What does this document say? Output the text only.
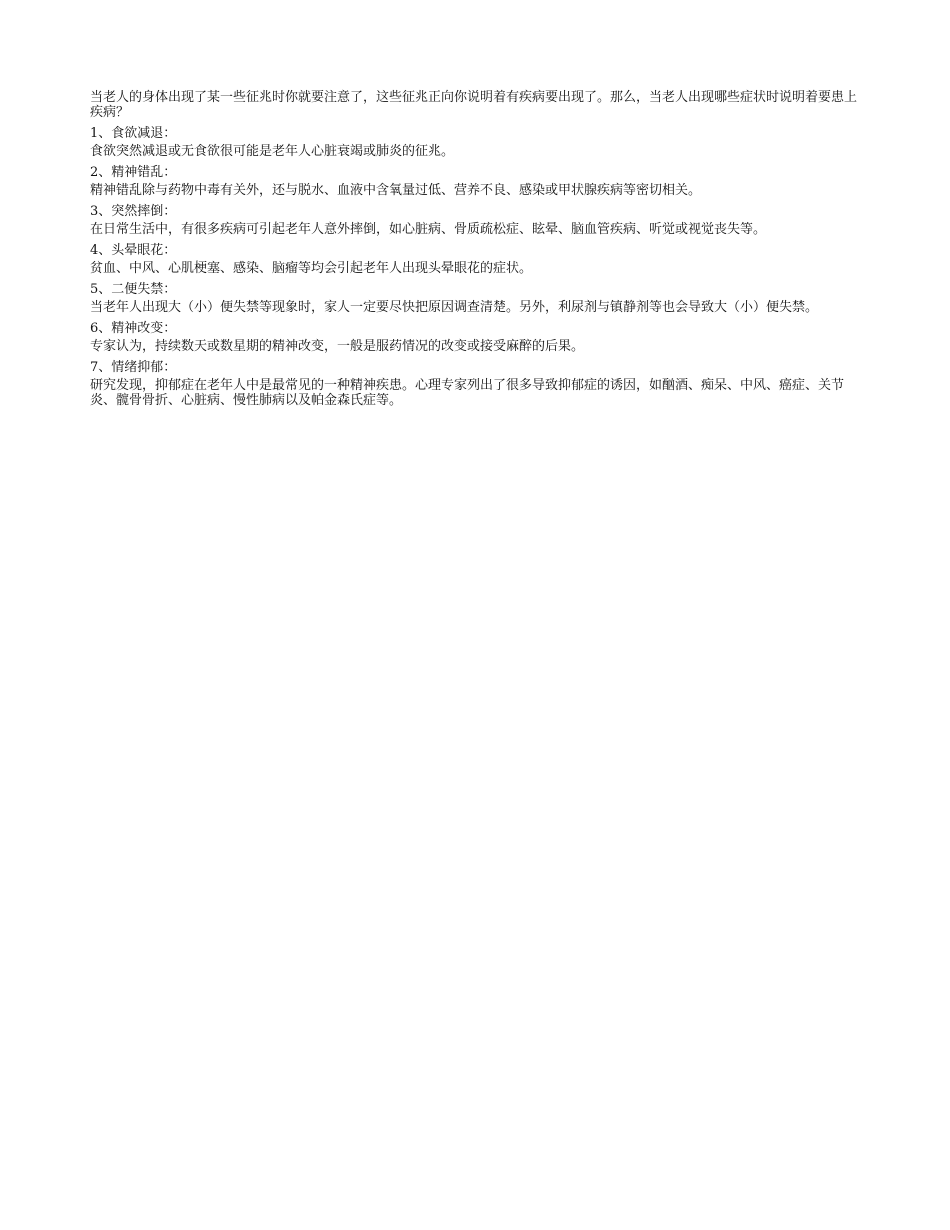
当老人的身体出现了某一些征兆时你就要注意了，这些征兆正向你说明着有疾病要出现了。那么，当老人出现哪些症状时说明着要患上疾病？

1、食欲减退：

食欲突然减退或无食欲很可能是老年人心脏衰竭或肺炎的征兆。

2、精神错乱：

精神错乱除与药物中毒有关外，还与脱水、血液中含氧量过低、营养不良、感染或甲状腺疾病等密切相关。

3、突然摔倒：

在日常生活中，有很多疾病可引起老年人意外摔倒，如心脏病、骨质疏松症、眩晕、脑血管疾病、听觉或视觉丧失等。

4、头晕眼花：

贫血、中风、心肌梗塞、感染、脑瘤等均会引起老年人出现头晕眼花的症状。

5、二便失禁：

当老年人出现大（小）便失禁等现象时，家人一定要尽快把原因调查清楚。另外，利尿剂与镇静剂等也会导致大（小）便失禁。

6、精神改变：

专家认为，持续数天或数星期的精神改变，一般是服药情况的改变或接受麻醉的后果。

7、情绪抑郁：

研究发现，抑郁症在老年人中是最常见的一种精神疾患。心理专家列出了很多导致抑郁症的诱因，如酗酒、痴呆、中风、癌症、关节炎、髋骨骨折、心脏病、慢性肺病以及帕金森氏症等。
